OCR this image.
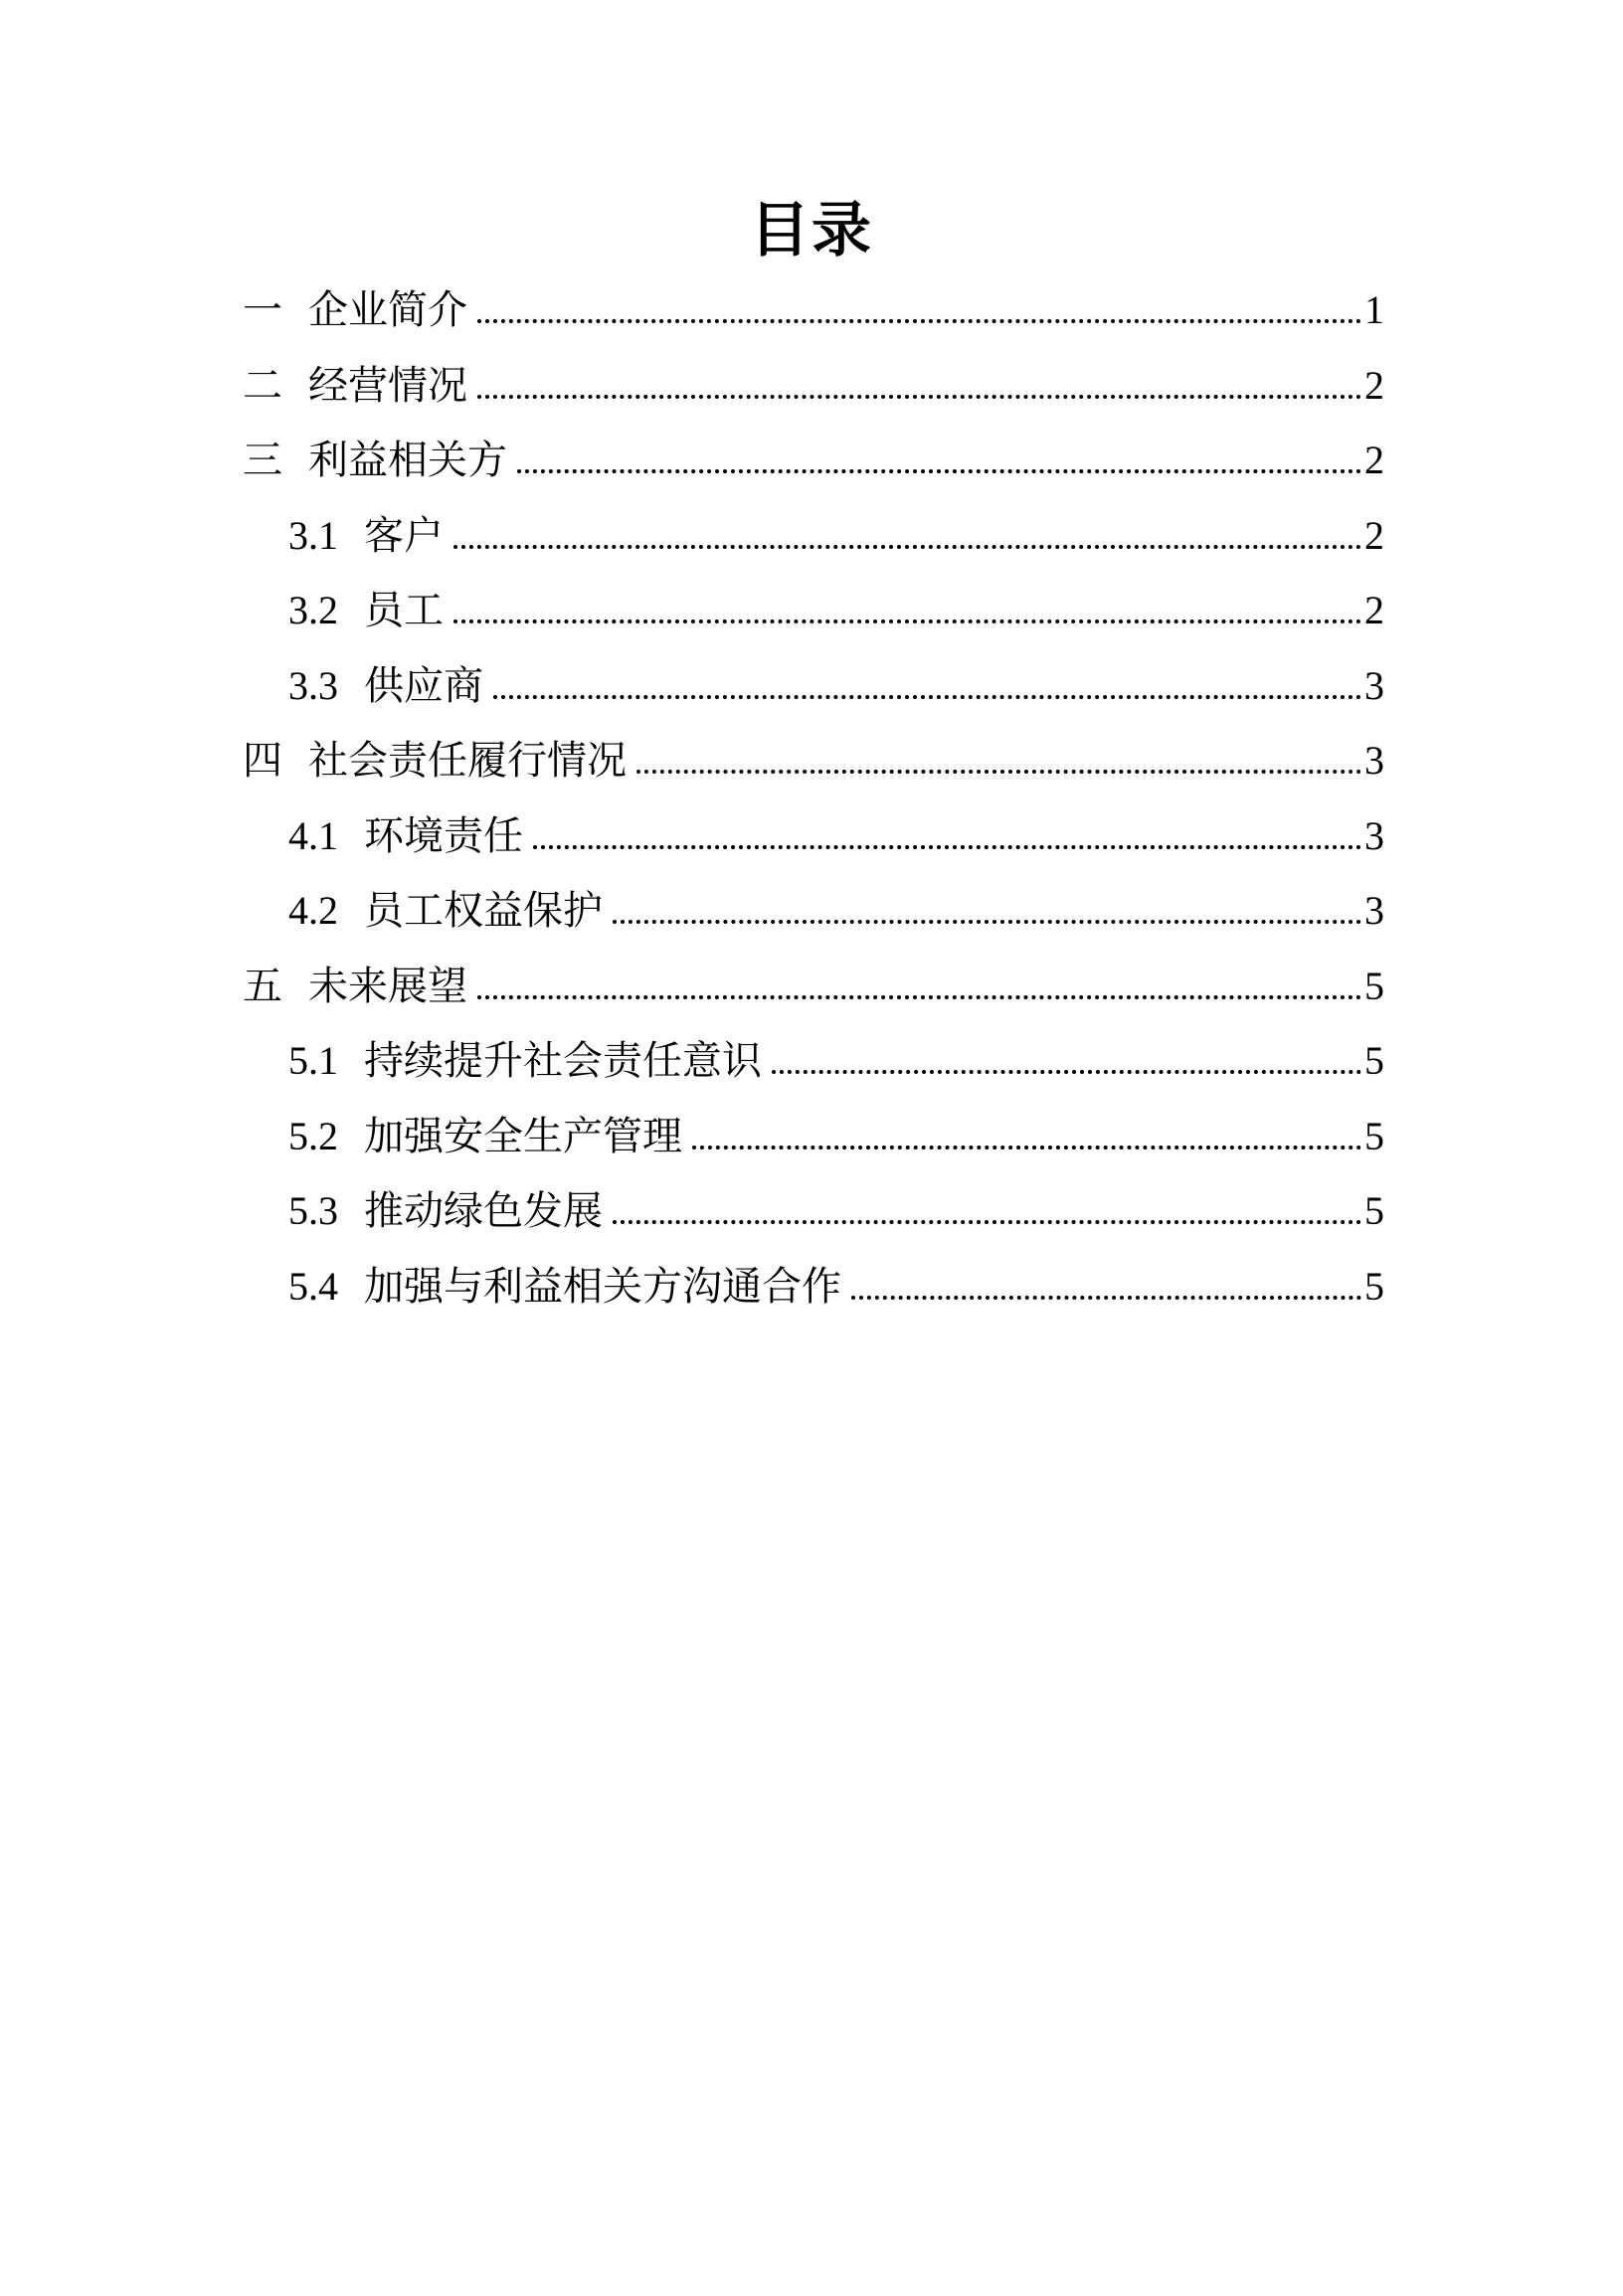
目录
一 企业简介	1
二 经营情况	2
三 利益相关方	2
3.1 客户	2
3.2 员工	2
3.3 供应商	3
四 社会责任履行情况	3
4.1 环境责任	3
4.2 员工权益保护	3
五 未来展望	5
5.1 持续提升社会责任意识	5
5.2 加强安全生产管理	5
5.3 推动绿色发展	5
5.4 加强与利益相关方沟通合作	5
